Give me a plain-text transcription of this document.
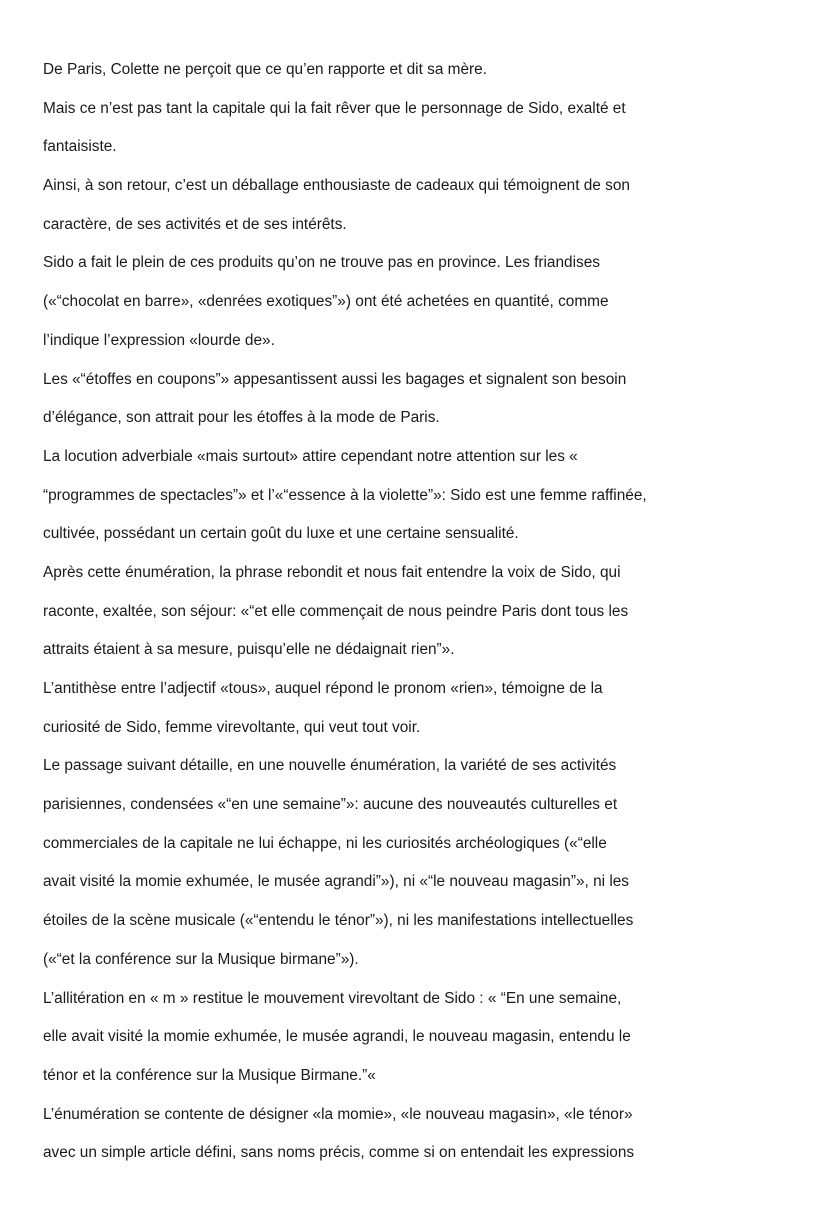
De Paris, Colette ne perçoit que ce qu’en rapporte et dit sa mère.
Mais ce n’est pas tant la capitale qui la fait rêver que le personnage de Sido, exalté et
fantaisiste.
Ainsi, à son retour, c’est un déballage enthousiaste de cadeaux qui témoignent de son
caractère, de ses activités et de ses intérêts.
Sido a fait le plein de ces produits qu’on ne trouve pas en province. Les friandises
(«“chocolat en barre», «denrées exotiques”») ont été achetées en quantité, comme
l’indique l’expression «lourde de».
Les «“étoffes en coupons”» appesantissent aussi les bagages et signalent son besoin
d’élégance, son attrait pour les étoffes à la mode de Paris.
La locution adverbiale «mais surtout» attire cependant notre attention sur les «
“programmes de spectacles”» et l’«“essence à la violette”»: Sido est une femme raffinée,
cultivée, possédant un certain goût du luxe et une certaine sensualité.
Après cette énumération, la phrase rebondit et nous fait entendre la voix de Sido, qui
raconte, exaltée, son séjour: «“et elle commençait de nous peindre Paris dont tous les
attraits étaient à sa mesure, puisqu’elle ne dédaignait rien”».
L’antithèse entre l’adjectif «tous», auquel répond le pronom «rien», témoigne de la
curiosité de Sido, femme virevoltante, qui veut tout voir.
Le passage suivant détaille, en une nouvelle énumération, la variété de ses activités
parisiennes, condensées «“en une semaine”»: aucune des nouveautés culturelles et
commerciales de la capitale ne lui échappe, ni les curiosités archéologiques («“elle
avait visité la momie exhumée, le musée agrandi”»), ni «“le nouveau magasin”», ni les
étoiles de la scène musicale («“entendu le ténor”»), ni les manifestations intellectuelles
(«“et la conférence sur la Musique birmane”»).
L’allitération en « m » restitue le mouvement virevoltant de Sido : « “En une semaine,
elle avait visité la momie exhumée, le musée agrandi, le nouveau magasin, entendu le
ténor et la conférence sur la Musique Birmane.”«
L’énumération se contente de désigner «la momie», «le nouveau magasin», «le ténor»
avec un simple article défini, sans noms précis, comme si on entendait les expressions
